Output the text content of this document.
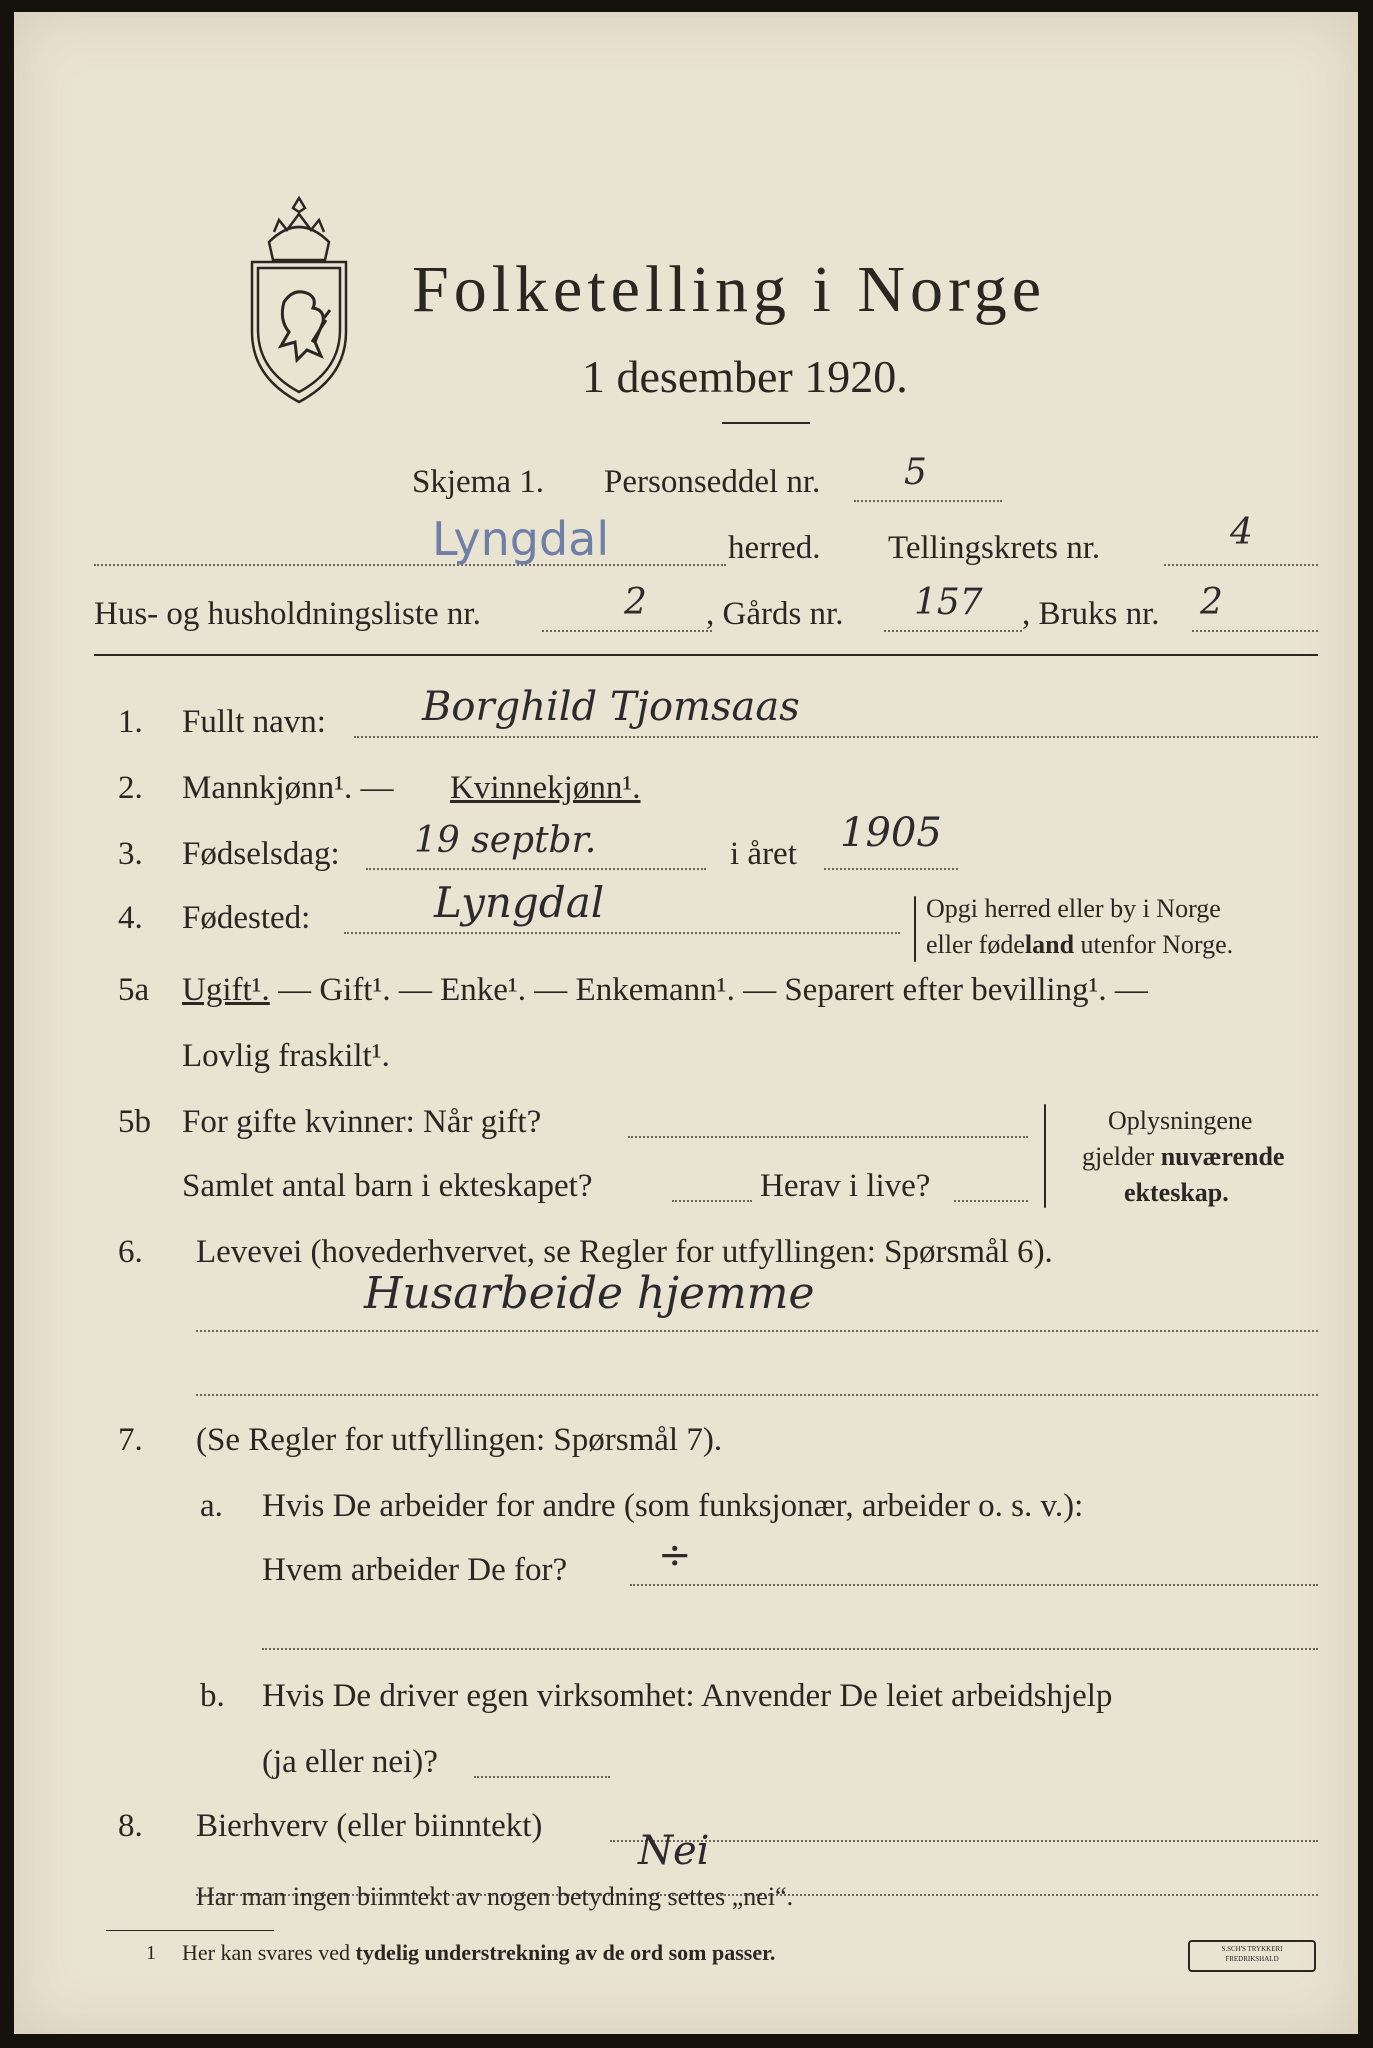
Folketelling i Norge
1 desember 1920.
Skjema 1. Personseddel nr. 5
Lyngdal	herred. Tellingskrets nr.	4
Hus- og husholdningsliste nr.	2 , Gårds nr. 157 , Bruks nr. 2
1. Fullt navn: Borghild Tjomsaas
2. Mannkjønn¹. — Kvinnekjønn¹.
3. Fødselsdag: 19 septbr.	i året 1905
4. Fødested:	Lyngdal	Opgi herred eller by i Norge
eller fødeland utenfor Norge.
5a Ugift¹. — Gift¹. — Enke¹. — Enkemann¹. — Separert efter bevilling¹. —
Lovlig fraskilt¹.
5b For gifte kvinner: Når gift?
Samlet antal barn i ekteskapet?	Herav i live?
Oplysningene
gjelder nuværende
ekteskap.
6. Levevei (hovederhvervet, se Regler for utfyllingen: Spørsmål 6).
Husarbeide hjemme
7. (Se Regler for utfyllingen: Spørsmål 7).
a. Hvis De arbeider for andre (som funksjonær, arbeider o. s. v.):
Hvem arbeider De for? ÷
b. Hvis De driver egen virksomhet: Anvender De leiet arbeidshjelp
(ja eller nei)?
8. Bierhverv (eller biinntekt)
Nei
Har man ingen biinntekt av nogen betydning settes „nei“.
1 Her kan svares ved tydelig understrekning av de ord som passer.	S.SCH'S TRYKKERI
FREDRIKSHALD
